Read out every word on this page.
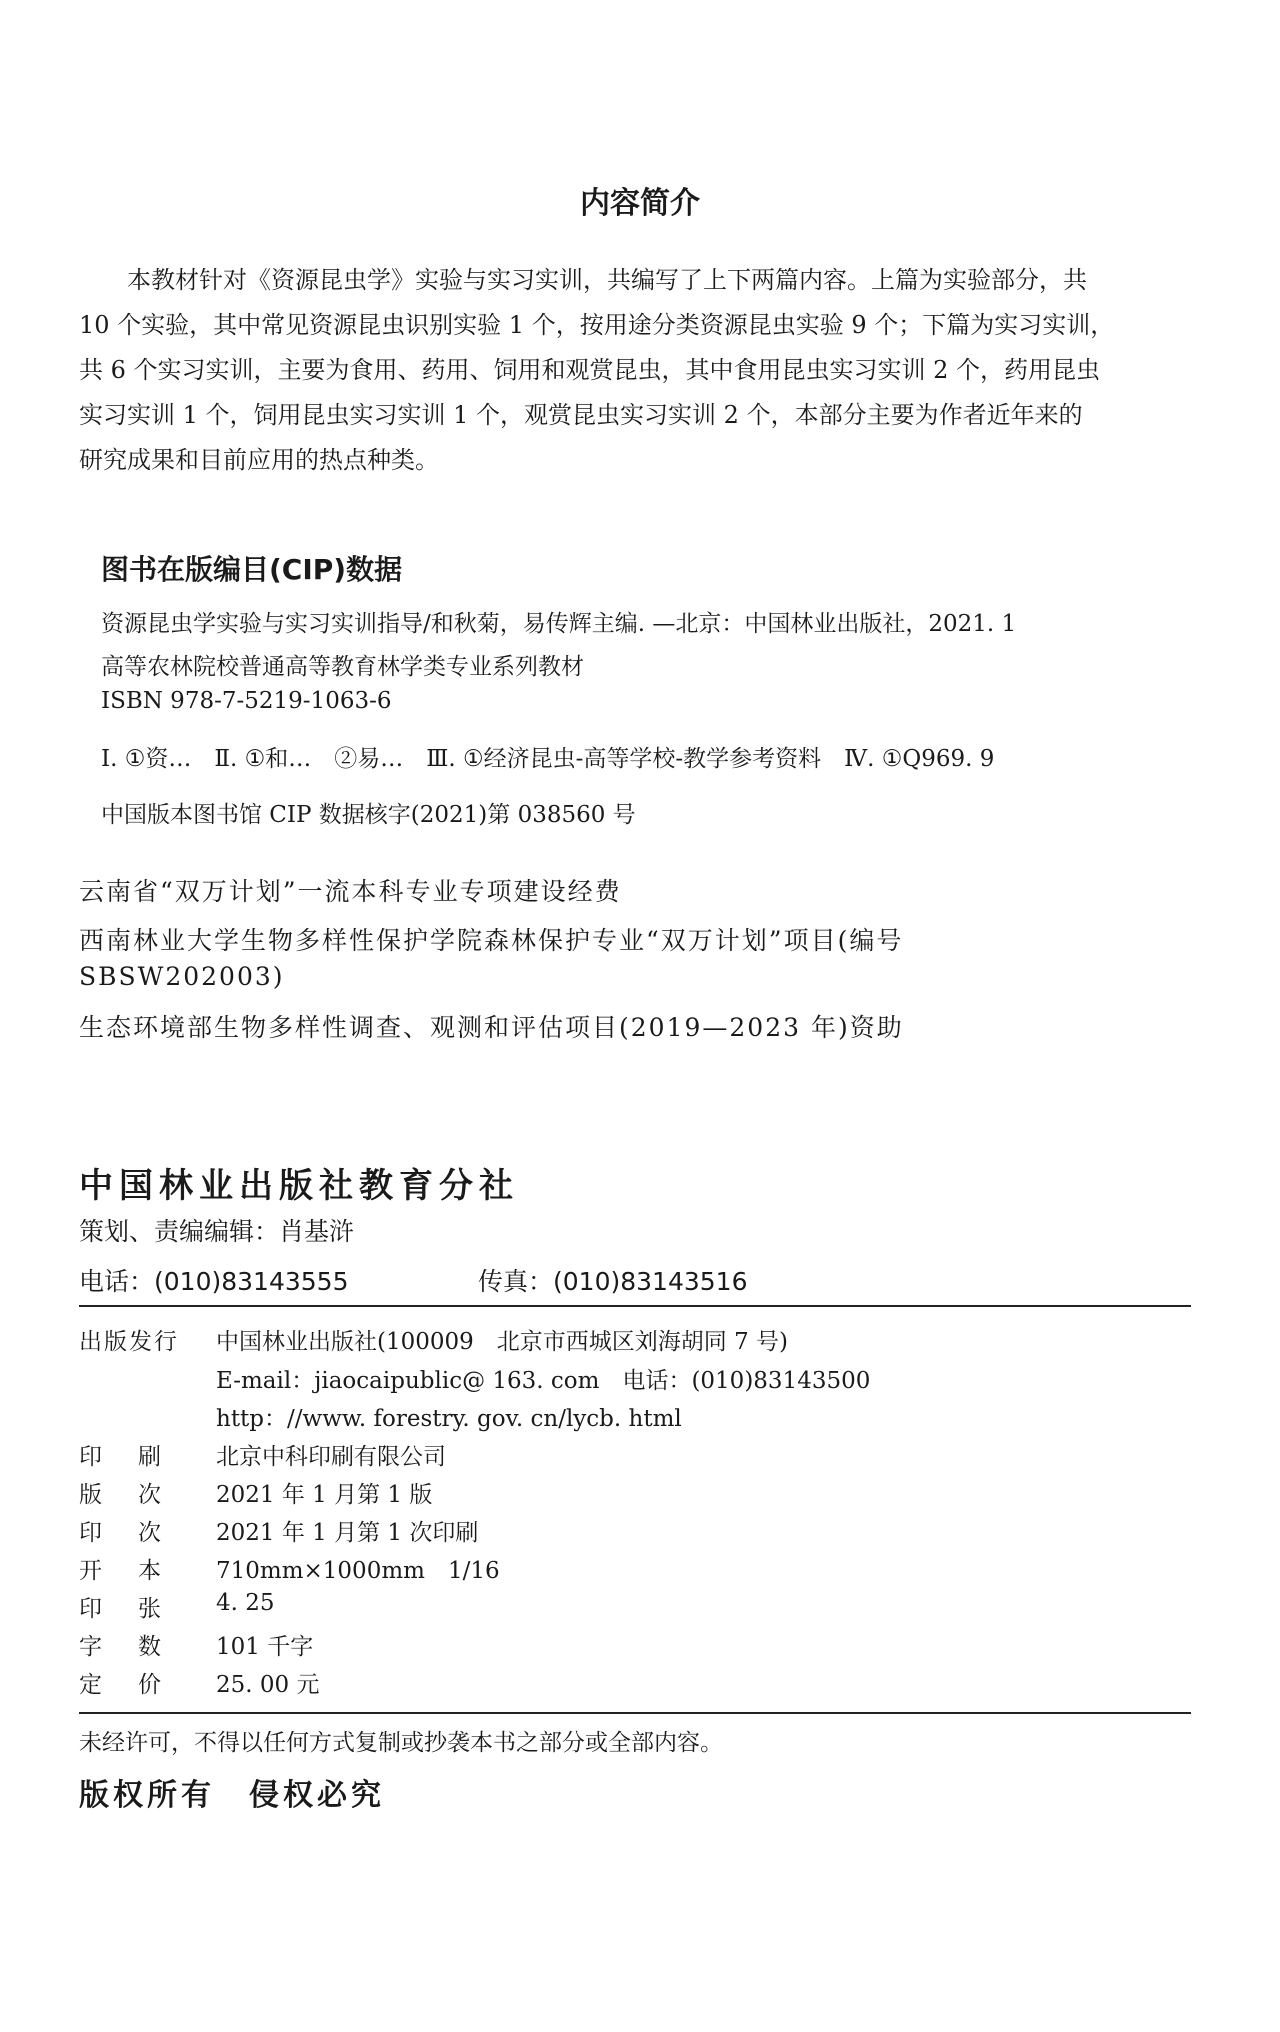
内容简介

本教材针对《资源昆虫学》实验与实习实训，共编写了上下两篇内容。上篇为实验部分，共

10 个实验，其中常见资源昆虫识别实验 1 个，按用途分类资源昆虫实验 9 个；下篇为实习实训，

共 6 个实习实训，主要为食用、药用、饲用和观赏昆虫，其中食用昆虫实习实训 2 个，药用昆虫

实习实训 1 个，饲用昆虫实习实训 1 个，观赏昆虫实习实训 2 个，本部分主要为作者近年来的

研究成果和目前应用的热点种类。

图书在版编目(CIP)数据
资源昆虫学实验与实习实训指导/和秋菊，易传辉主编. —北京：中国林业出版社，2021. 1
高等农林院校普通高等教育林学类专业系列教材
ISBN 978-7-5219-1063-6
Ⅰ. ①资…　Ⅱ. ①和…　②易…　Ⅲ. ①经济昆虫-高等学校-教学参考资料　Ⅳ. ①Q969. 9
中国版本图书馆 CIP 数据核字(2021)第 038560 号
云南省“双万计划”一流本科专业专项建设经费
西南林业大学生物多样性保护学院森林保护专业“双万计划”项目(编号
SBSW202003)
生态环境部生物多样性调查、观测和评估项目(2019—2023 年)资助
中国林业出版社教育分社
策划、责编编辑：肖基浒
电话：(010)83143555	传真：(010)83143516
出版发行 中国林业出版社(100009　北京市西城区刘海胡同 7 号)
E-mail：jiaocaipublic@ 163. com　电话：(010)83143500
http：//www. forestry. gov. cn/lycb. html
印 刷	北京中科印刷有限公司
版 次	2021 年 1 月第 1 版
印 次	2021 年 1 月第 1 次印刷
开 本	710mm×1000mm　1/16
印 张	4. 25
字 数	101 千字
定 价	25. 00 元
未经许可，不得以任何方式复制或抄袭本书之部分或全部内容。
版权所有　侵权必究
